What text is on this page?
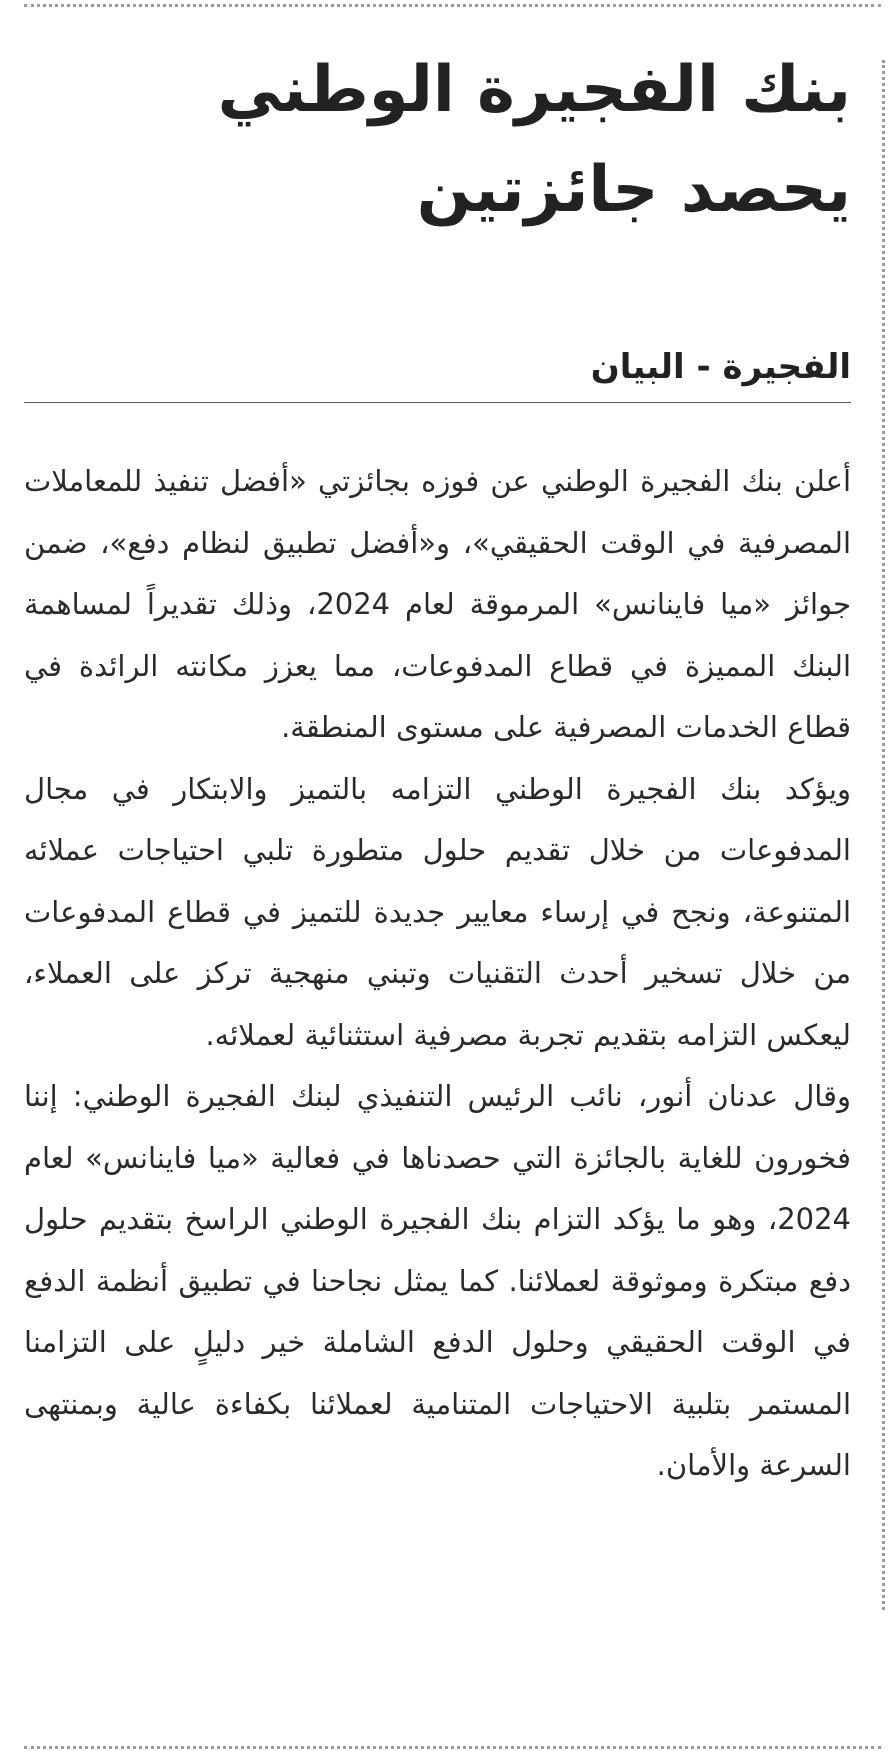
بنك الفجيرة الوطني
يحصد جائزتين
الفجيرة - البيان

أعلن بنك الفجيرة الوطني عن فوزه بجائزتي «أفضل تنفيذ للمعاملات المصرفية في الوقت الحقيقي»، و«أفضل تطبيق لنظام دفع»، ضمن جوائز «ميا فاينانس» المرموقة لعام 2024، وذلك تقديراً لمساهمة البنك المميزة في قطاع المدفوعات، مما يعزز مكانته الرائدة في قطاع الخدمات المصرفية على مستوى المنطقة.

ويؤكد بنك الفجيرة الوطني التزامه بالتميز والابتكار في مجال المدفوعات من خلال تقديم حلول متطورة تلبي احتياجات عملائه المتنوعة، ونجح في إرساء معايير جديدة للتميز في قطاع المدفوعات من خلال تسخير أحدث التقنيات وتبني منهجية تركز على العملاء، ليعكس التزامه بتقديم تجربة مصرفية استثنائية لعملائه.

وقال عدنان أنور، نائب الرئيس التنفيذي لبنك الفجيرة الوطني: إننا فخورون للغاية بالجائزة التي حصدناها في فعالية «ميا فاينانس» لعام 2024، وهو ما يؤكد التزام بنك الفجيرة الوطني الراسخ بتقديم حلول دفع مبتكرة وموثوقة لعملائنا. كما يمثل نجاحنا في تطبيق أنظمة الدفع في الوقت الحقيقي وحلول الدفع الشاملة خير دليلٍ على التزامنا المستمر بتلبية الاحتياجات المتنامية لعملائنا بكفاءة عالية وبمنتهى السرعة والأمان.
